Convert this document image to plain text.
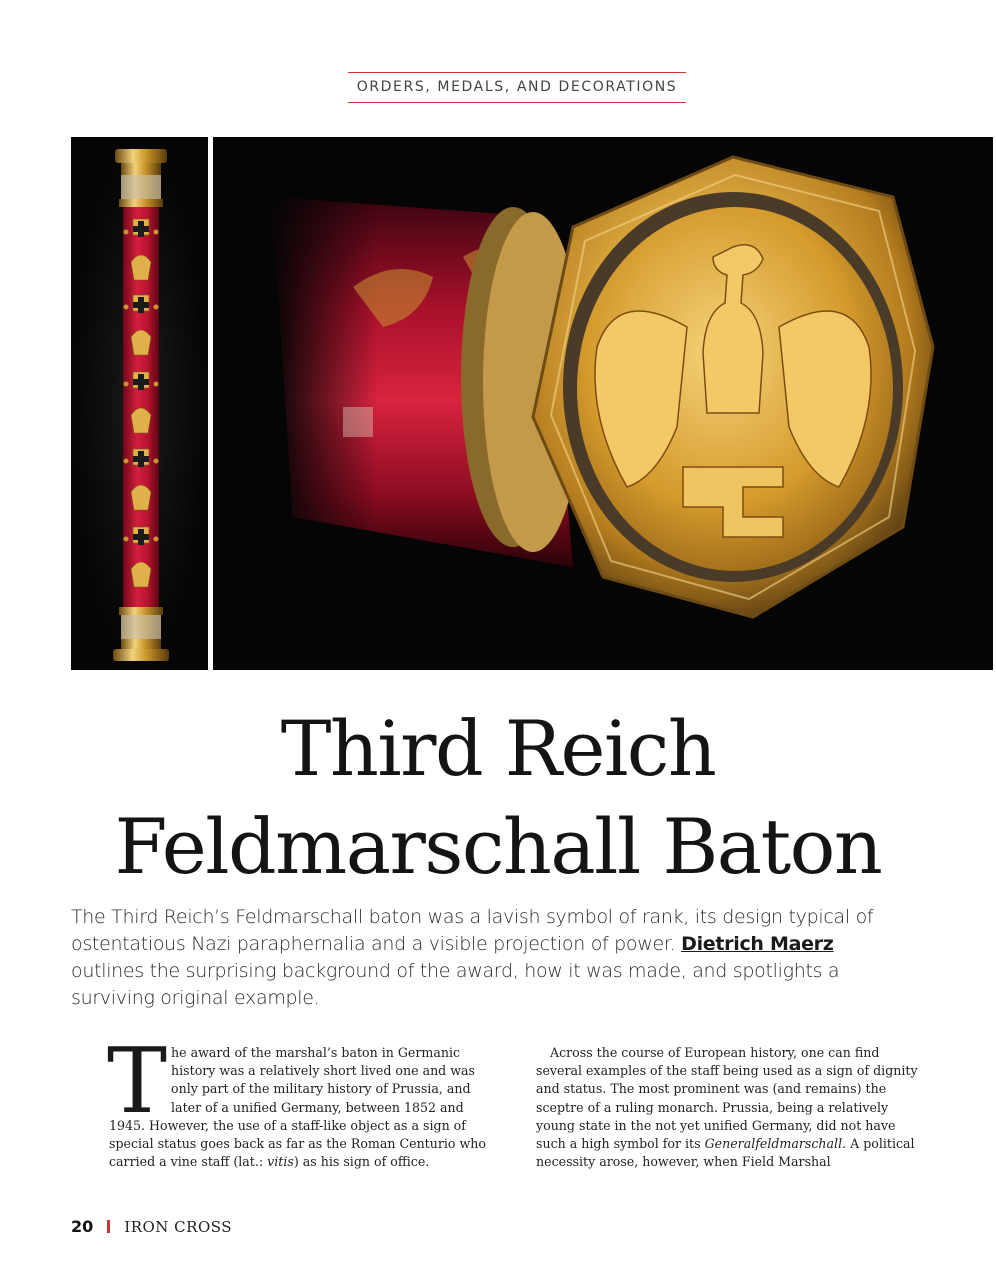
ORDERS, MEDALS, AND DECORATIONS
Third Reich
Feldmarschall Baton

The Third Reich’s Feldmarschall baton was a lavish symbol of rank, its design typical of ostentatious Nazi paraphernalia and a visible projection of power. Dietrich Maerz outlines the surprising background of the award, how it was made, and spotlights a surviving original example.

The award of the marshal’s baton in Germanic history was a relatively short lived one and was only part of the military history of Prussia, and later of a unified Germany, between 1852 and 1945. However, the use of a staff-like object as a sign of special status goes back as far as the Roman Centurio who carried a vine staff (lat.: vitis) as his sign of office.
Across the course of European history, one can find several examples of the staff being used as a sign of dignity and status. The most prominent was (and remains) the sceptre of a ruling monarch. Prussia, being a relatively young state in the not yet unified Germany, did not have such a high symbol for its Generalfeldmarschall. A political necessity arose, however, when Field Marshal
20 IRON CROSS
